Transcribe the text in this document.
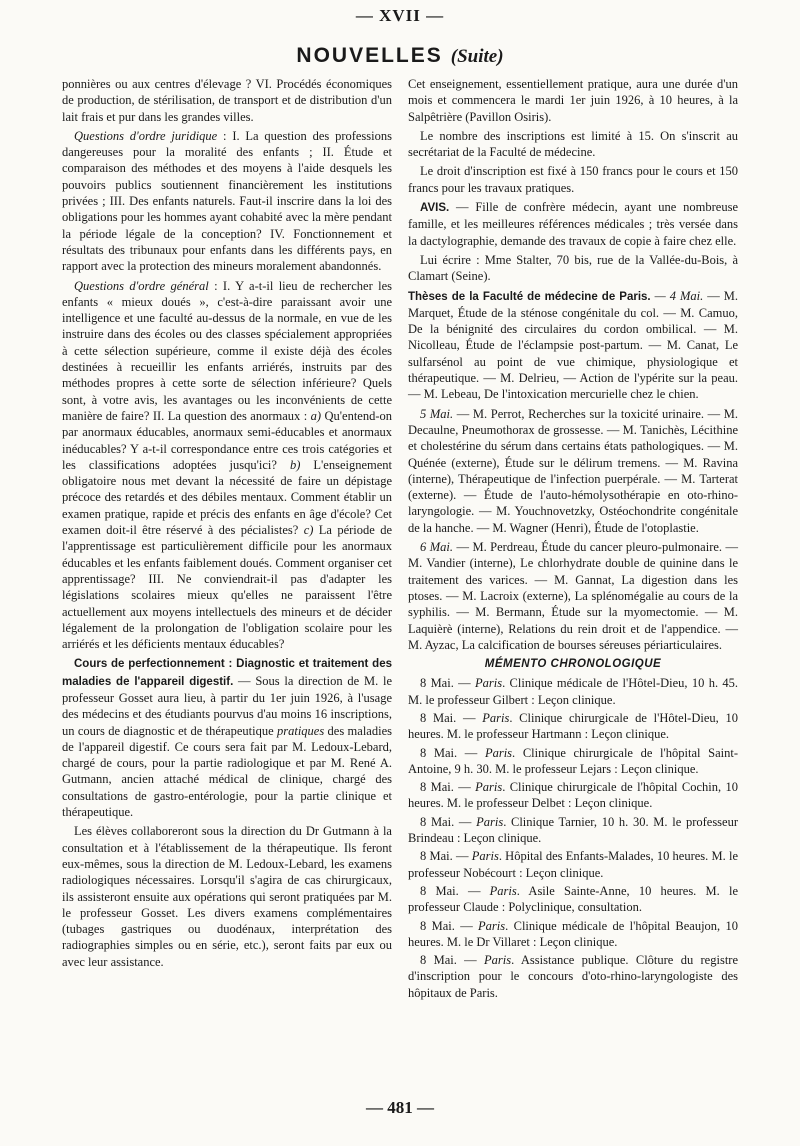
— XVII —
NOUVELLES (Suite)

ponnières ou aux centres d'élevage ? VI. Procédés économiques de production, de stérilisation, de transport et de distribution d'un lait frais et pur dans les grandes villes.

Questions d'ordre juridique : I. La question des professions dangereuses pour la moralité des enfants ; II. Étude et comparaison des méthodes et des moyens à l'aide desquels les pouvoirs publics soutiennent financièrement les institutions privées ; III. Des enfants naturels. Faut-il inscrire dans la loi des obligations pour les hommes ayant cohabité avec la mère pendant la période légale de la conception? IV. Fonctionnement et résultats des tribunaux pour enfants dans les différents pays, en rapport avec la protection des mineurs moralement abandonnés.

Questions d'ordre général : I. Y a-t-il lieu de rechercher les enfants « mieux doués », c'est-à-dire paraissant avoir une intelligence et une faculté au-dessus de la normale, en vue de les instruire dans des écoles ou des classes spécialement appropriées à cette sélection supérieure, comme il existe déjà des écoles destinées à recueillir les enfants arriérés, instruits par des méthodes propres à cette sorte de sélection inférieure? Quels sont, à votre avis, les avantages ou les inconvénients de cette manière de faire? II. La question des anormaux : a) Qu'entend-on par anormaux éducables, anormaux semi-éducables et anormaux inéducables? Y a-t-il correspondance entre ces trois catégories et les classifications adoptées jusqu'ici? b) L'enseignement obligatoire nous met devant la nécessité de faire un dépistage précoce des retardés et des débiles mentaux. Comment établir un examen pratique, rapide et précis des enfants en âge d'école? Cet examen doit-il être réservé à des pécialistes? c) La période de l'apprentissage est particulièrement difficile pour les anormaux éducables et les enfants faiblement doués. Comment organiser cet apprentissage? III. Ne conviendrait-il pas d'adapter les législations scolaires mieux qu'elles ne paraissent l'être actuellement aux moyens intellectuels des mineurs et de décider légalement de la prolongation de l'obligation scolaire pour les arriérés et les déficients mentaux éducables?

Cours de perfectionnement : Diagnostic et traitement des maladies de l'appareil digestif. — Sous la direction de M. le professeur Gosset aura lieu, à partir du 1er juin 1926, à l'usage des médecins et des étudiants pourvus d'au moins 16 inscriptions, un cours de diagnostic et de thérapeutique pratiques des maladies de l'appareil digestif. Ce cours sera fait par M. Ledoux-Lebard, chargé de cours, pour la partie radiologique et par M. René A. Gutmann, ancien attaché médical de clinique, chargé des consultations de gastro-entérologie, pour la partie clinique et thérapeutique.

Les élèves collaboreront sous la direction du Dr Gutmann à la consultation et à l'établissement de la thérapeutique. Ils feront eux-mêmes, sous la direction de M. Ledoux-Lebard, les examens radiologiques nécessaires. Lorsqu'il s'agira de cas chirurgicaux, ils assisteront ensuite aux opérations qui seront pratiquées par M. le professeur Gosset. Les divers examens complémentaires (tubages gastriques ou duodénaux, interprétation des radiographies simples ou en série, etc.), seront faits par eux ou avec leur assistance.

Cet enseignement, essentiellement pratique, aura une durée d'un mois et commencera le mardi 1er juin 1926, à 10 heures, à la Salpêtrière (Pavillon Osiris).

Le nombre des inscriptions est limité à 15. On s'inscrit au secrétariat de la Faculté de médecine.

Le droit d'inscription est fixé à 150 francs pour le cours et 150 francs pour les travaux pratiques.

AVIS. — Fille de confrère médecin, ayant une nombreuse famille, et les meilleures références médicales ; très versée dans la dactylographie, demande des travaux de copie à faire chez elle.

Lui écrire : Mme Stalter, 70 bis, rue de la Vallée-du-Bois, à Clamart (Seine).

Thèses de la Faculté de médecine de Paris. — 4 Mai. — M. Marquet, Étude de la sténose congénitale du col. — M. Camuo, De la bénignité des circulaires du cordon ombilical. — M. Nicolleau, Étude de l'éclampsie post-partum. — M. Canat, Le sulfarsénol au point de vue chimique, physiologique et thérapeutique. — M. Delrieu, — Action de l'ypérite sur la peau. — M. Lebeau, De l'intoxication mercurielle chez le chien.

5 Mai. — M. Perrot, Recherches sur la toxicité urinaire. — M. Decaulne, Pneumothorax de grossesse. — M. Tanichès, Lécithine et cholestérine du sérum dans certains états pathologiques. — M. Quénée (externe), Étude sur le délirum tremens. — M. Ravina (interne), Thérapeutique de l'infection puerpérale. — M. Tarterat (externe). — Étude de l'auto-hémolysothérapie en oto-rhino-laryngologie. — M. Youchnovetzky, Ostéochondrite congénitale de la hanche. — M. Wagner (Henri), Étude de l'otoplastie.

6 Mai. — M. Perdreau, Étude du cancer pleuro-pulmonaire. — M. Vandier (interne), Le chlorhydrate double de quinine dans le traitement des varices. — M. Gannat, La digestion dans les ptoses. — M. Lacroix (externe), La splénomégalie au cours de la syphilis. — M. Bermann, Étude sur la myomectomie. — M. Laquièrè (interne), Relations du rein droit et de l'appendice. — M. Ayzac, La calcification de bourses séreuses périarticulaires.

MÉMENTO CHRONOLOGIQUE

8 Mai. — Paris. Clinique médicale de l'Hôtel-Dieu, 10 h. 45. M. le professeur Gilbert : Leçon clinique.

8 Mai. — Paris. Clinique chirurgicale de l'Hôtel-Dieu, 10 heures. M. le professeur Hartmann : Leçon clinique.

8 Mai. — Paris. Clinique chirurgicale de l'hôpital Saint-Antoine, 9 h. 30. M. le professeur Lejars : Leçon clinique.

8 Mai. — Paris. Clinique chirurgicale de l'hôpital Cochin, 10 heures. M. le professeur Delbet : Leçon clinique.

8 Mai. — Paris. Clinique Tarnier, 10 h. 30. M. le professeur Brindeau : Leçon clinique.

8 Mai. — Paris. Hôpital des Enfants-Malades, 10 heures. M. le professeur Nobécourt : Leçon clinique.

8 Mai. — Paris. Asile Sainte-Anne, 10 heures. M. le professeur Claude : Polyclinique, consultation.

8 Mai. — Paris. Clinique médicale de l'hôpital Beaujon, 10 heures. M. le Dr Villaret : Leçon clinique.

8 Mai. — Paris. Assistance publique. Clôture du registre d'inscription pour le concours d'oto-rhino-laryngologiste des hôpitaux de Paris.

— 481 —
